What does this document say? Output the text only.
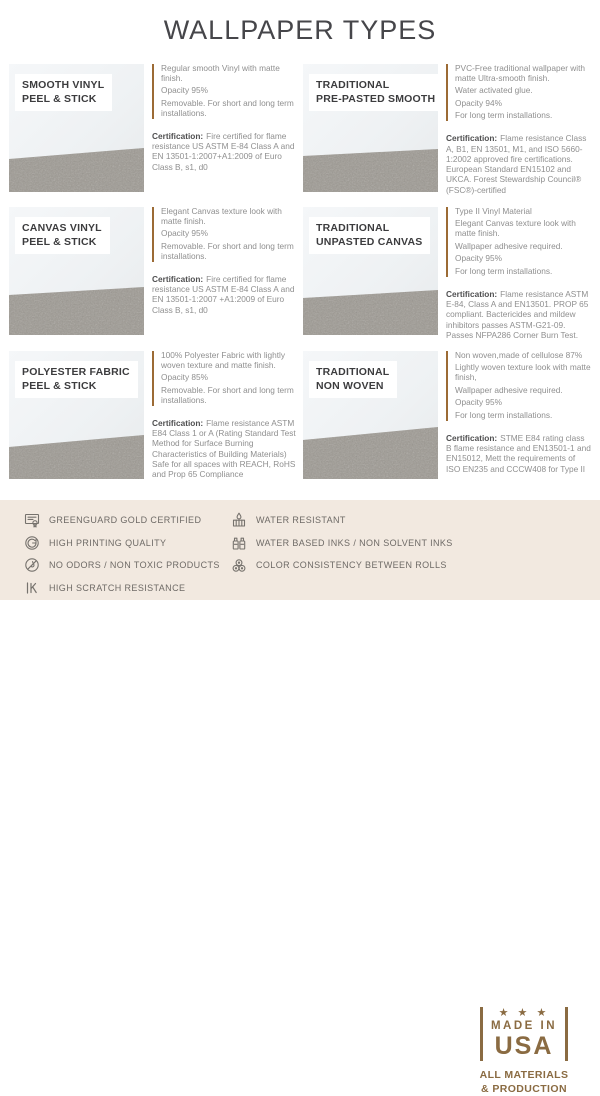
WALLPAPER TYPES
SMOOTH VINYL
PEEL & STICK

Regular smooth Vinyl with matte finish.

Opacity 95%

Removable. For short and long term installations.

Certification: Fire certified for flame resistance US ASTM E-84 Class A and EN 13501-1:2007+A1:2009 of Euro Class B, s1, d0

TRADITIONAL
PRE-PASTED SMOOTH

PVC-Free traditional wallpaper with matte Ultra-smooth finish.

Water activated glue.

Opacity 94%

For long term installations.

Certification: Flame resistance Class A, B1, EN 13501, M1, and ISO 5660-1:2002 approved fire certifications. European Standard EN15102 and UKCA. Forest Stewardship Council® (FSC®)-certified

CANVAS VINYL
PEEL & STICK

Elegant Canvas texture look with matte finish.

Opacity 95%

Removable. For short and long term installations.

Certification: Fire certified for flame resistance US ASTM E-84 Class A and EN 13501-1:2007 +A1:2009 of Euro Class B, s1, d0

TRADITIONAL
UNPASTED CANVAS

Type II Vinyl Material

Elegant Canvas texture look with matte finish.

Wallpaper adhesive required.

Opacity 95%

For long term installations.

Certification: Flame resistance ASTM E-84, Class A and EN13501. PROP 65 compliant. Bactericides and mildew inhibitors passes ASTM-G21-09. Passes NFPA286 Corner Burn Test.

POLYESTER FABRIC
PEEL & STICK

100% Polyester Fabric with lightly woven texture and matte finish.

Opacity 85%

Removable. For short and long term installations.

Certification: Flame resistance ASTM E84 Class 1 or A (Rating Standard Test Method for Surface Burning Characteristics of Building Materials) Safe for all spaces with REACH, RoHS and Prop 65 Compliance

TRADITIONAL
NON WOVEN

Non woven,made of cellulose 87%

Lightly woven texture look with matte finish,

Wallpaper adhesive required.

Opacity 95%

For long term installations.

Certification: STME E84 rating class B flame resistance and EN13501-1 and EN15012, Mett the requirements of ISO EN235 and CCCW408 for Type II

GREENGUARD GOLD CERTIFIED
HIGH PRINTING QUALITY
NO ODORS / NON TOXIC PRODUCTS
HIGH SCRATCH RESISTANCE
WATER RESISTANT
WATER BASED INKS / NON SOLVENT INKS
COLOR CONSISTENCY BETWEEN ROLLS
★ ★ ★
MADE IN
USA
ALL MATERIALS
& PRODUCTION
